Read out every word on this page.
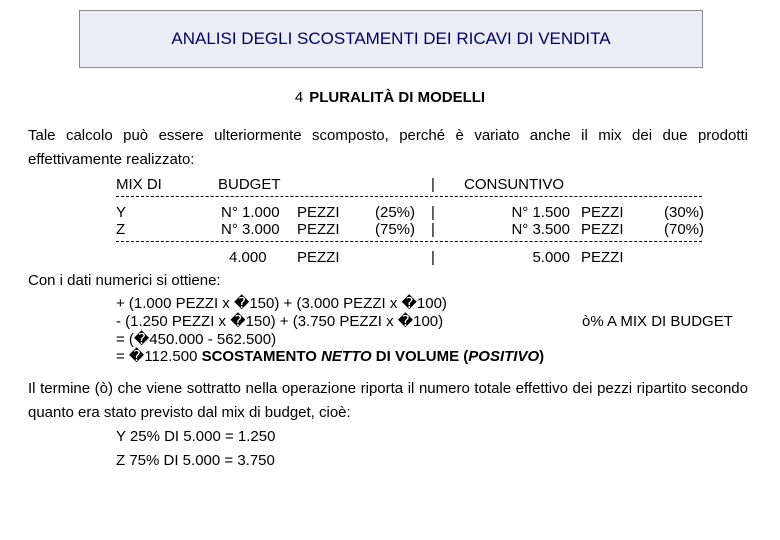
ANALISI DEGLI SCOSTAMENTI DEI RICAVI DI VENDITA
4 PLURALITÀ DI MODELLI
Tale calcolo può essere ulteriormente scomposto, perché è variato anche il mix dei due prodotti effettivamente realizzato:
MIX DI	BUDGET	| CONSUNTIVO
Y	N° 1.000 PEZZI (25%) |	N° 1.500 PEZZI	(30%)
Z	N° 3.000 PEZZI (75%) |	N° 3.500 PEZZI	(70%)
4.000 PEZZI	|	5.000 PEZZI
Con i dati numerici si ottiene:
+ (1.000 PEZZI x �150) + (3.000 PEZZI x �100)
- (1.250 PEZZI x �150) + (3.750 PEZZI x �100)	ò% A MIX DI BUDGET
= (�450.000 - 562.500)
= �112.500 SCOSTAMENTO NETTO DI VOLUME (POSITIVO)
Il termine (ò) che viene sottratto nella operazione riporta il numero totale effettivo dei pezzi ripartito secondo quanto era stato previsto dal mix di budget, cioè:
Y 25% DI 5.000 = 1.250
Z 75% DI 5.000 = 3.750
